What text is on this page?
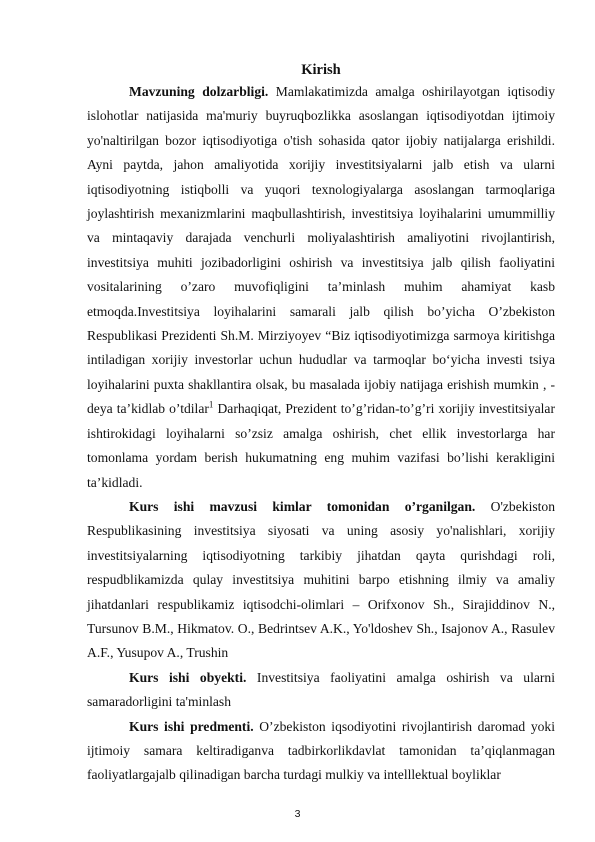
Kirish

Mavzuning dolzarbligi. Mamlakatimizda amalga oshirilayotgan iqtisodiy islohotlar natijasida ma'muriy buyruqbozlikka asoslangan iqtisodiyotdan ijtimoiy yo'naltirilgan bozor iqtisodiyotiga o'tish sohasida qator ijobiy natijalarga erishildi. Ayni paytda, jahon amaliyotida xorijiy investitsiyalarni jalb etish va ularni iqtisodiyotning istiqbolli va yuqori texnologiyalarga asoslangan tarmoqlariga joylashtirish mexanizmlarini maqbullashtirish, investitsiya loyihalarini umummilliy va mintaqaviy darajada venchurli moliyalashtirish amaliyotini rivojlantirish, investitsiya muhiti jozibadorligini oshirish va investitsiya jalb qilish faoliyatini vositalarining o’zaro muvofiqligini ta’minlash muhim ahamiyat kasb etmoqda.Investitsiya loyihalarini samarali jalb qilish bo’yicha O’zbekiston Respublikasi Prezidenti Sh.M. Mirziyoyev “Biz iqtisodiyotimizga sarmoya kiritishga intiladigan xorijiy investorlar uchun hududlar va tarmoqlar bo‘yicha investi tsiya loyihalarini puxta shakllantira olsak, bu masalada ijobiy natijaga erishish mumkin , - deya ta’kidlab o’tdilar$^1$ Darhaqiqat, Prezident to’g’ridan-to’g’ri xorijiy investitsiyalar ishtirokidagi loyihalarni so’zsiz amalga oshirish, chet ellik investorlarga har tomonlama yordam berish hukumatning eng muhim vazifasi bo’lishi kerakligini ta’kidladi.

Kurs ishi mavzusi kimlar tomonidan o’rganilgan. O'zbekiston Respublikasining investitsiya siyosati va uning asosiy yo'nalishlari, xorijiy investitsiyalarning iqtisodiyotning tarkibiy jihatdan qayta qurishdagi roli, respudblikamizda qulay investitsiya muhitini barpo etishning ilmiy va amaliy jihatdanlari respublikamiz iqtisodchi-olimlari – Orifxonov Sh., Sirajiddinov N., Tursunov B.M., Hikmatov. O., Bedrintsev A.K., Yo'ldoshev Sh., Isajonov A., Rasulev A.F., Yusupov A., Trushin

Kurs ishi obyekti. Investitsiya faoliyatini amalga oshirish va ularni samaradorligini ta'minlash

Kurs ishi predmenti. O’zbekiston iqsodiyotini rivojlantirish daromad yoki ijtimoiy samara keltiradiganva tadbirkorlikdavlat tamonidan ta’qiqlanmagan faoliyatlargajalb qilinadigan barcha turdagi mulkiy va intelllektual boyliklar

3
